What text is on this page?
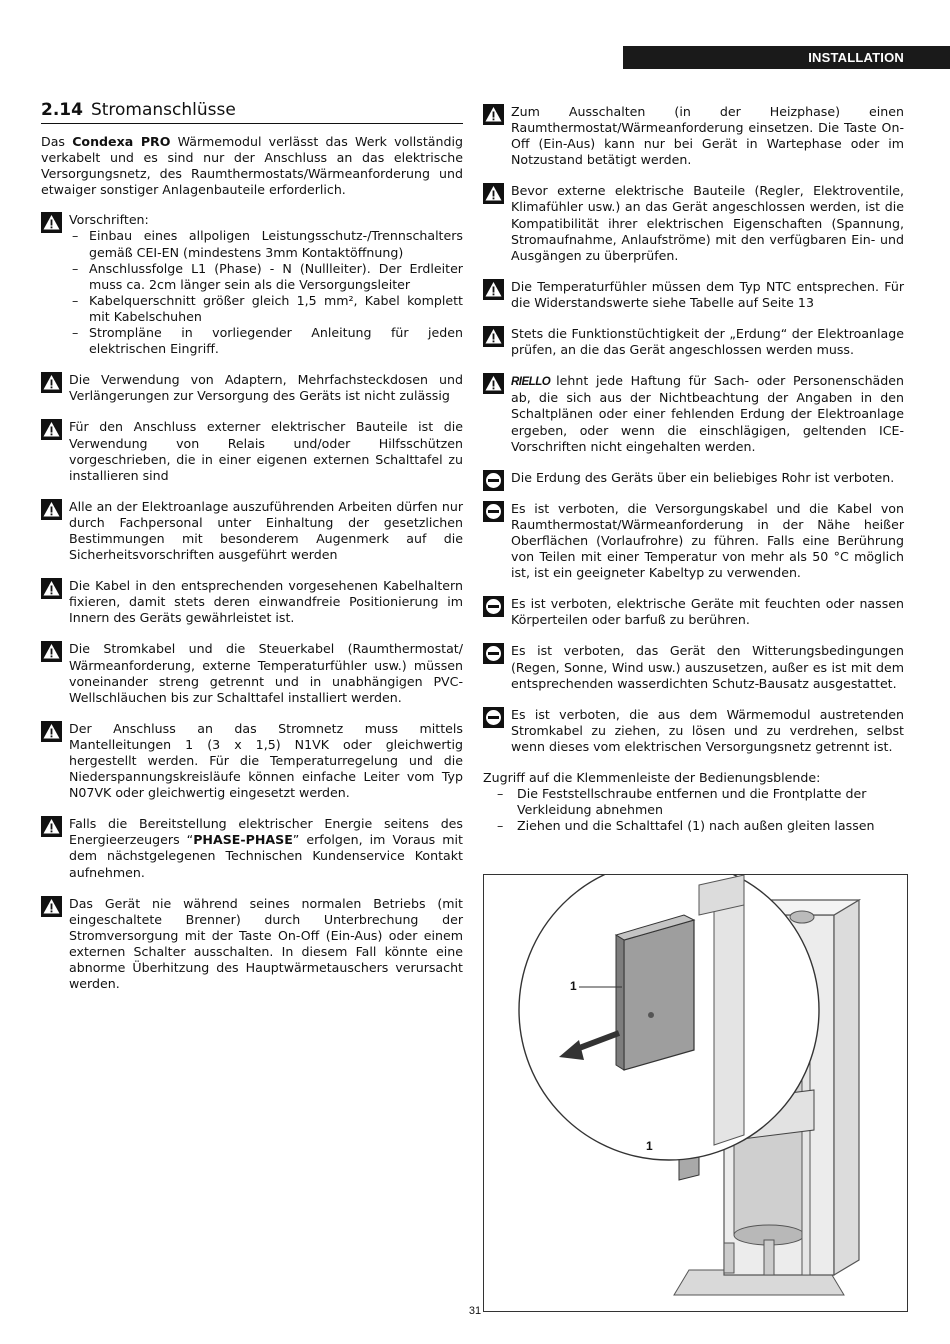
INSTALLATION
2.14 Stromanschlüsse

Das Condexa PRO Wärmemodul verlässt das Werk vollständig verkabelt und es sind nur der Anschluss an das elektrische Versorgungsnetz, des Raumthermostats/Wärmeanforderung und etwaiger sonstiger Anlagenbauteile erforderlich.

Vorschriften:
– Einbau eines allpoligen Leistungsschutz-/Trennschalters gemäß CEI-EN (mindestens 3mm Kontaktöffnung)
– Anschlussfolge L1 (Phase) - N (Nullleiter). Der Erdleiter muss ca. 2cm länger sein als die Versorgungsleiter
– Kabelquerschnitt größer gleich 1,5 mm², Kabel komplett mit Kabelschuhen
– Strompläne in vorliegender Anleitung für jeden elektrischen Eingriff.
Die Verwendung von Adaptern, Mehrfachsteckdosen und Verlängerungen zur Versorgung des Geräts ist nicht zulässig
Für den Anschluss externer elektrischer Bauteile ist die Verwendung von Relais und/oder Hilfsschützen vorgeschrieben, die in einer eigenen externen Schalttafel zu installieren sind
Alle an der Elektroanlage auszuführenden Arbeiten dürfen nur durch Fachpersonal unter Einhaltung der gesetzlichen Bestimmungen mit besonderem Augenmerk auf die Sicherheitsvorschriften ausgeführt werden
Die Kabel in den entsprechenden vorgesehenen Kabelhaltern fixieren, damit stets deren einwandfreie Positionierung im Innern des Geräts gewährleistet ist.
Die Stromkabel und die Steuerkabel (Raumthermostat/ Wärmeanforderung, externe Temperaturfühler usw.) müssen voneinander streng getrennt und in unabhängigen PVC-Wellschläuchen bis zur Schalttafel installiert werden.
Der Anschluss an das Stromnetz muss mittels Mantelleitungen 1 (3 x 1,5) N1VK oder gleichwertig hergestellt werden. Für die Temperaturregelung und die Niederspannungskreisläufe können einfache Leiter vom Typ N07VK oder gleichwertig eingesetzt werden.
Falls die Bereitstellung elektrischer Energie seitens des Energieerzeugers “PHASE-PHASE” erfolgen, im Voraus mit dem nächstgelegenen Technischen Kundenservice Kontakt aufnehmen.
Das Gerät nie während seines normalen Betriebs (mit eingeschaltete Brenner) durch Unterbrechung der Stromversorgung mit der Taste On-Off (Ein-Aus) oder einem externen Schalter ausschalten. In diesem Fall könnte eine abnorme Überhitzung des Hauptwärmetauschers verursacht werden.
Zum Ausschalten (in der Heizphase) einen Raumthermostat/Wärmeanforderung einsetzen. Die Taste On-Off (Ein-Aus) kann nur bei Gerät in Wartephase oder im Notzustand betätigt werden.
Bevor externe elektrische Bauteile (Regler, Elektroventile, Klimafühler usw.) an das Gerät angeschlossen werden, ist die Kompatibilität ihrer elektrischen Eigenschaften (Spannung, Stromaufnahme, Anlaufströme) mit den verfügbaren Ein- und Ausgängen zu überprüfen.
Die Temperaturfühler müssen dem Typ NTC entsprechen. Für die Widerstandswerte siehe Tabelle auf Seite 13
Stets die Funktionstüchtigkeit der „Erdung“ der Elektroanlage prüfen, an die das Gerät angeschlossen werden muss.
RIELLO lehnt jede Haftung für Sach- oder Personenschäden ab, die sich aus der Nichtbeachtung der Angaben in den Schaltplänen oder einer fehlenden Erdung der Elektroanlage ergeben, oder wenn die einschlägigen, geltenden ICE-Vorschriften nicht eingehalten werden.
Die Erdung des Geräts über ein beliebiges Rohr ist verboten.
Es ist verboten, die Versorgungskabel und die Kabel von Raumthermostat/Wärmeanforderung in der Nähe heißer Oberflächen (Vorlaufrohre) zu führen. Falls eine Berührung von Teilen mit einer Temperatur von mehr als 50 °C möglich ist, ist ein geeigneter Kabeltyp zu verwenden.
Es ist verboten, elektrische Geräte mit feuchten oder nassen Körperteilen oder barfuß zu berühren.
Es ist verboten, das Gerät den Witterungsbedingungen (Regen, Sonne, Wind usw.) auszusetzen, außer es ist mit dem entsprechenden wasserdichten Schutz-Bausatz ausgestattet.
Es ist verboten, die aus dem Wärmemodul austretenden Stromkabel zu ziehen, zu lösen und zu verdrehen, selbst wenn dieses vom elektrischen Versorgungsnetz getrennt ist.
Zugriff auf die Klemmenleiste der Bedienungsblende:
– Die Feststellschraube entfernen und die Frontplatte der Verkleidung abnehmen
– Ziehen und die Schalttafel (1) nach außen gleiten lassen
1
1
31
